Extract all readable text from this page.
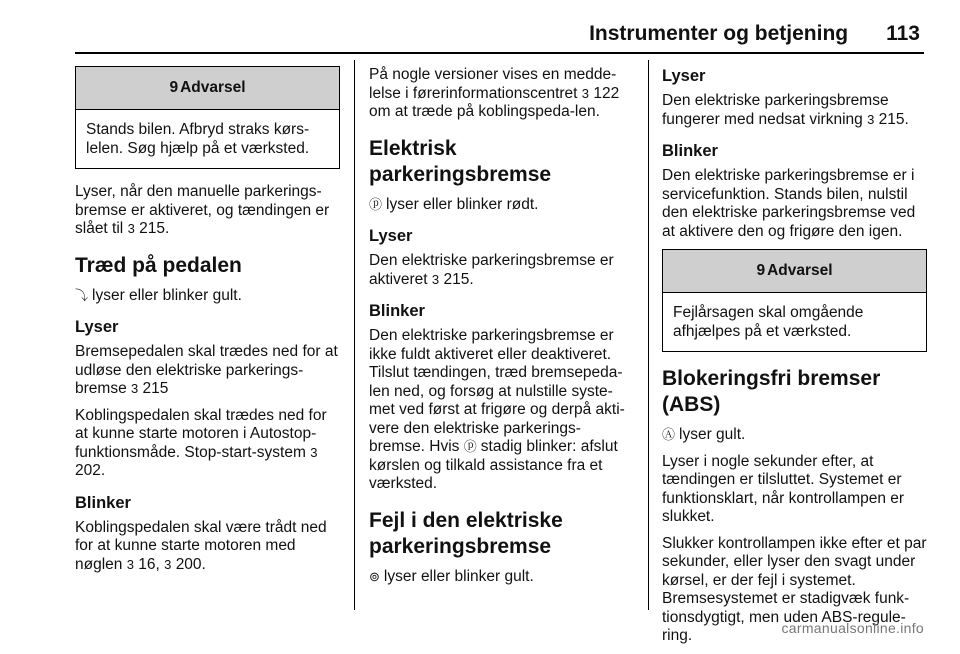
Instrumenter og betjening 113
9 Advarsel
Stands bilen. Afbryd straks kørs-lelen. Søg hjælp på et værksted.

Lyser, når den manuelle parkerings-bremse er aktiveret, og tændingen er slået til 3 215.

Træd på pedalen

⤵ lyser eller blinker gult.

Lyser

Bremsepedalen skal trædes ned for at udløse den elektriske parkerings-bremse 3 215

Koblingspedalen skal trædes ned for at kunne starte motoren i Autostop-funktionsmåde. Stop-start-system 3 202.

Blinker

Koblingspedalen skal være trådt ned for at kunne starte motoren med nøglen 3 16, 3 200.

På nogle versioner vises en medde-lelse i førerinformationscentret 3 122 om at træde på koblingspeda-len.

Elektrisk parkeringsbremse

ⓟ lyser eller blinker rødt.

Lyser

Den elektriske parkeringsbremse er aktiveret 3 215.

Blinker

Den elektriske parkeringsbremse er ikke fuldt aktiveret eller deaktiveret. Tilslut tændingen, træd bremsepeda-len ned, og forsøg at nulstille syste-met ved først at frigøre og derpå akti-vere den elektriske parkerings-bremse. Hvis ⓟ stadig blinker: afslut kørslen og tilkald assistance fra et værksted.

Fejl i den elektriske parkeringsbremse

⊚ lyser eller blinker gult.

Lyser

Den elektriske parkeringsbremse fungerer med nedsat virkning 3 215.

Blinker

Den elektriske parkeringsbremse er i servicefunktion. Stands bilen, nulstil den elektriske parkeringsbremse ved at aktivere den og frigøre den igen.

9 Advarsel
Fejlårsagen skal omgående afhjælpes på et værksted.
Blokeringsfri bremser (ABS)

Ⓐ lyser gult.

Lyser i nogle sekunder efter, at tændingen er tilsluttet. Systemet er funktionsklart, når kontrollampen er slukket.

Slukker kontrollampen ikke efter et par sekunder, eller lyser den svagt under kørsel, er der fejl i systemet. Bremsesystemet er stadigvæk funk-tionsdygtigt, men uden ABS-regule-ring.	carmanualsonline.info
